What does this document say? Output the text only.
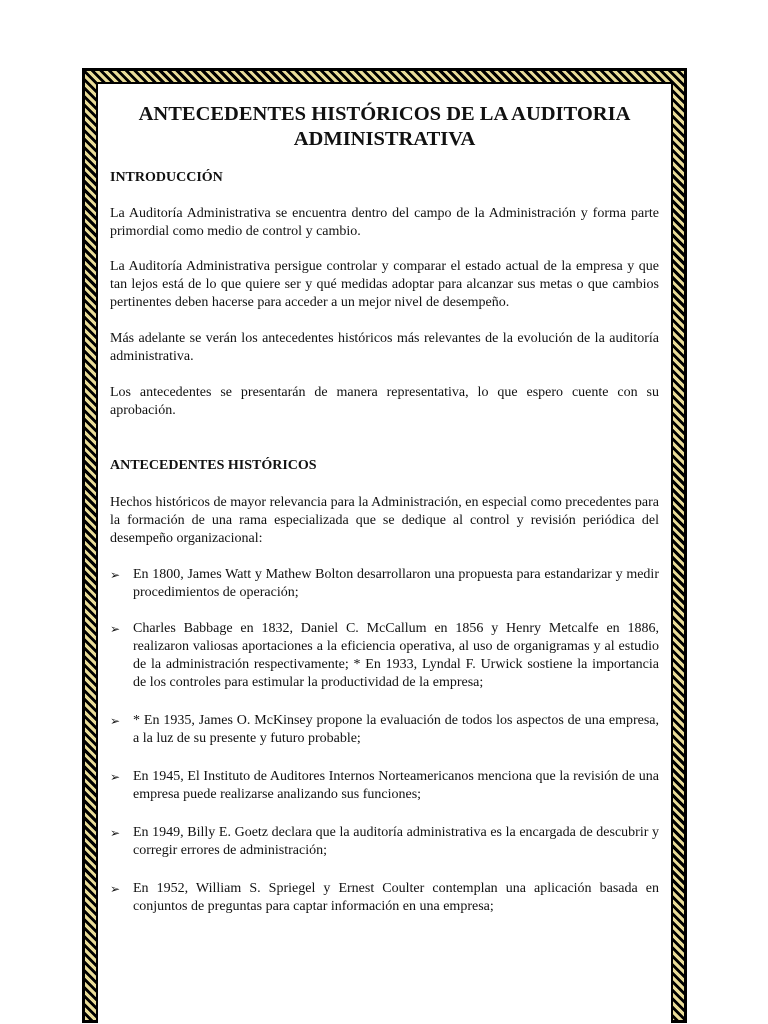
ANTECEDENTES HISTÓRICOS DE LA AUDITORIA
ADMINISTRATIVA
INTRODUCCIÓN

La Auditoría Administrativa se encuentra dentro del campo de la Administración y forma parte primordial como medio de control y cambio.

La Auditoría Administrativa persigue controlar y comparar el estado actual de la empresa y que tan lejos está de lo que quiere ser y qué medidas adoptar para alcanzar sus metas o que cambios pertinentes deben hacerse para acceder a un mejor nivel de desempeño.

Más adelante se verán los antecedentes históricos más relevantes de la evolución de la auditoría administrativa.

Los antecedentes se presentarán de manera representativa, lo que espero cuente con su aprobación.

ANTECEDENTES HISTÓRICOS

Hechos históricos de mayor relevancia para la Administración, en especial como precedentes para la formación de una rama especializada que se dedique al control y revisión periódica del desempeño organizacional:

➢ En 1800, James Watt y Mathew Bolton desarrollaron una propuesta para estandarizar y medir procedimientos de operación;
➢ Charles Babbage en 1832, Daniel C. McCallum en 1856 y Henry Metcalfe en 1886, realizaron valiosas aportaciones a la eficiencia operativa, al uso de organigramas y al estudio de la administración respectivamente; * En 1933, Lyndal F. Urwick sostiene la importancia de los controles para estimular la productividad de la empresa;
➢ * En 1935, James O. McKinsey propone la evaluación de todos los aspectos de una empresa, a la luz de su presente y futuro probable;
➢ En 1945, El Instituto de Auditores Internos Norteamericanos menciona que la revisión de una empresa puede realizarse analizando sus funciones;
➢ En 1949, Billy E. Goetz declara que la auditoría administrativa es la encargada de descubrir y corregir errores de administración;
➢ En 1952, William S. Spriegel y Ernest Coulter contemplan una aplicación basada en conjuntos de preguntas para captar información en una empresa;
